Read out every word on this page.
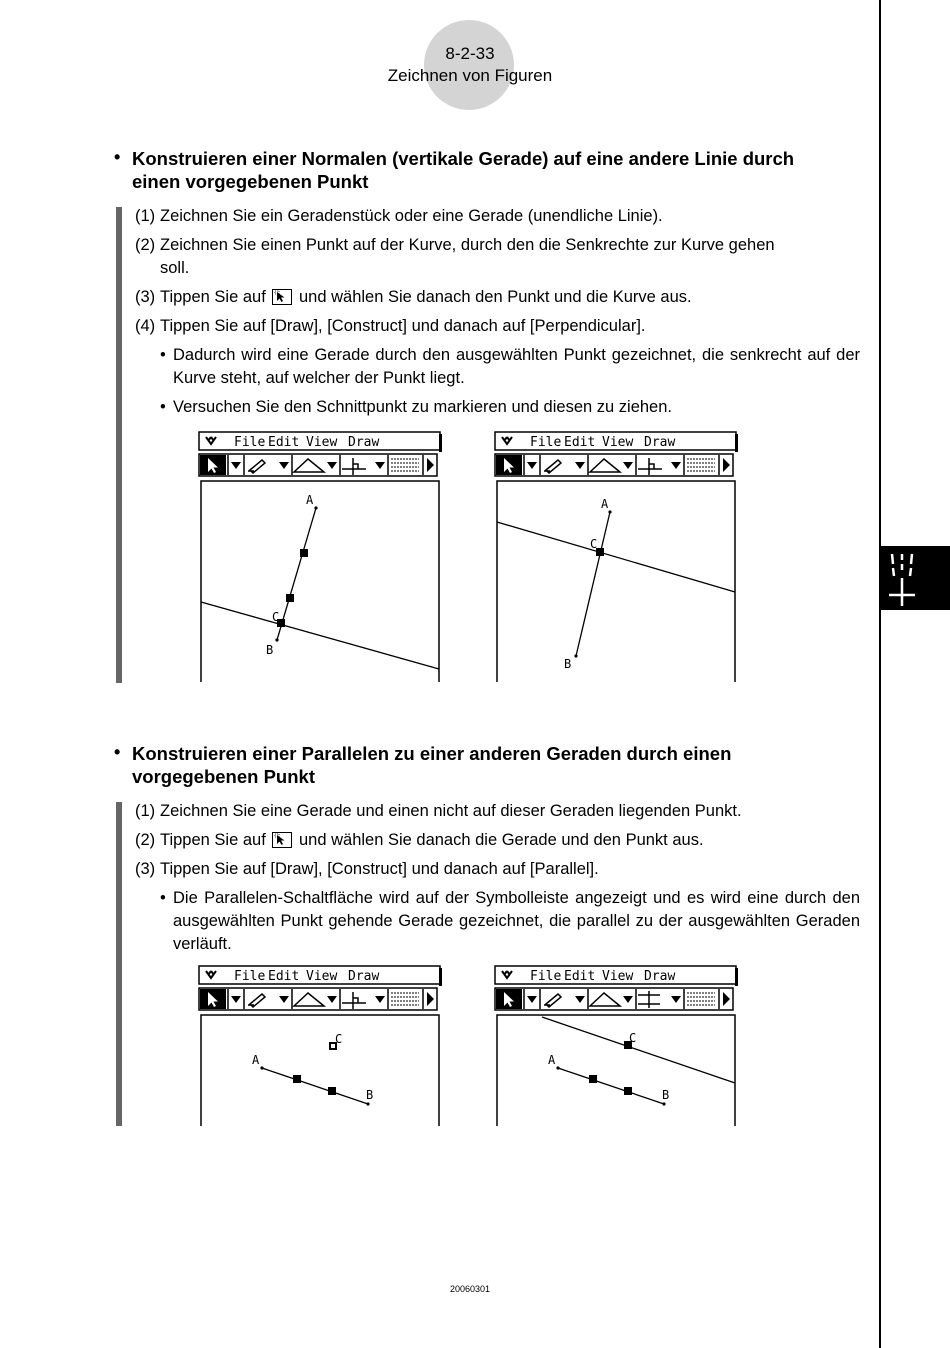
8-2-33
Zeichnen von Figuren
• Konstruieren einer Normalen (vertikale Gerade) auf eine andere Linie durch
einen vorgegebenen Punkt
(1) Zeichnen Sie ein Geradenstück oder eine Gerade (unendliche Linie).
(2) Zeichnen Sie einen Punkt auf der Kurve, durch den die Senkrechte zur Kurve gehen
soll.
(3) Tippen Sie auf und wählen Sie danach den Punkt und die Kurve aus.
(4) Tippen Sie auf [Draw], [Construct] und danach auf [Perpendicular].
• Dadurch wird eine Gerade durch den ausgewählten Punkt gezeichnet, die senkrecht auf der Kurve steht, auf welcher der Punkt liegt.
• Versuchen Sie den Schnittpunkt zu markieren und diesen zu ziehen.
• Konstruieren einer Parallelen zu einer anderen Geraden durch einen
vorgegebenen Punkt
(1) Zeichnen Sie eine Gerade und einen nicht auf dieser Geraden liegenden Punkt.
(2) Tippen Sie auf und wählen Sie danach die Gerade und den Punkt aus.
(3) Tippen Sie auf [Draw], [Construct] und danach auf [Parallel].
• Die Parallelen-Schaltfläche wird auf der Symbolleiste angezeigt und es wird eine durch den ausgewählten Punkt gehende Gerade gezeichnet, die parallel zu der ausgewählten Geraden verläuft.
File Edit View Draw
A
B
C
File Edit View Draw
A
B
C
File Edit View Draw
A
B
C
File Edit View Draw
A
B
C
20060301
